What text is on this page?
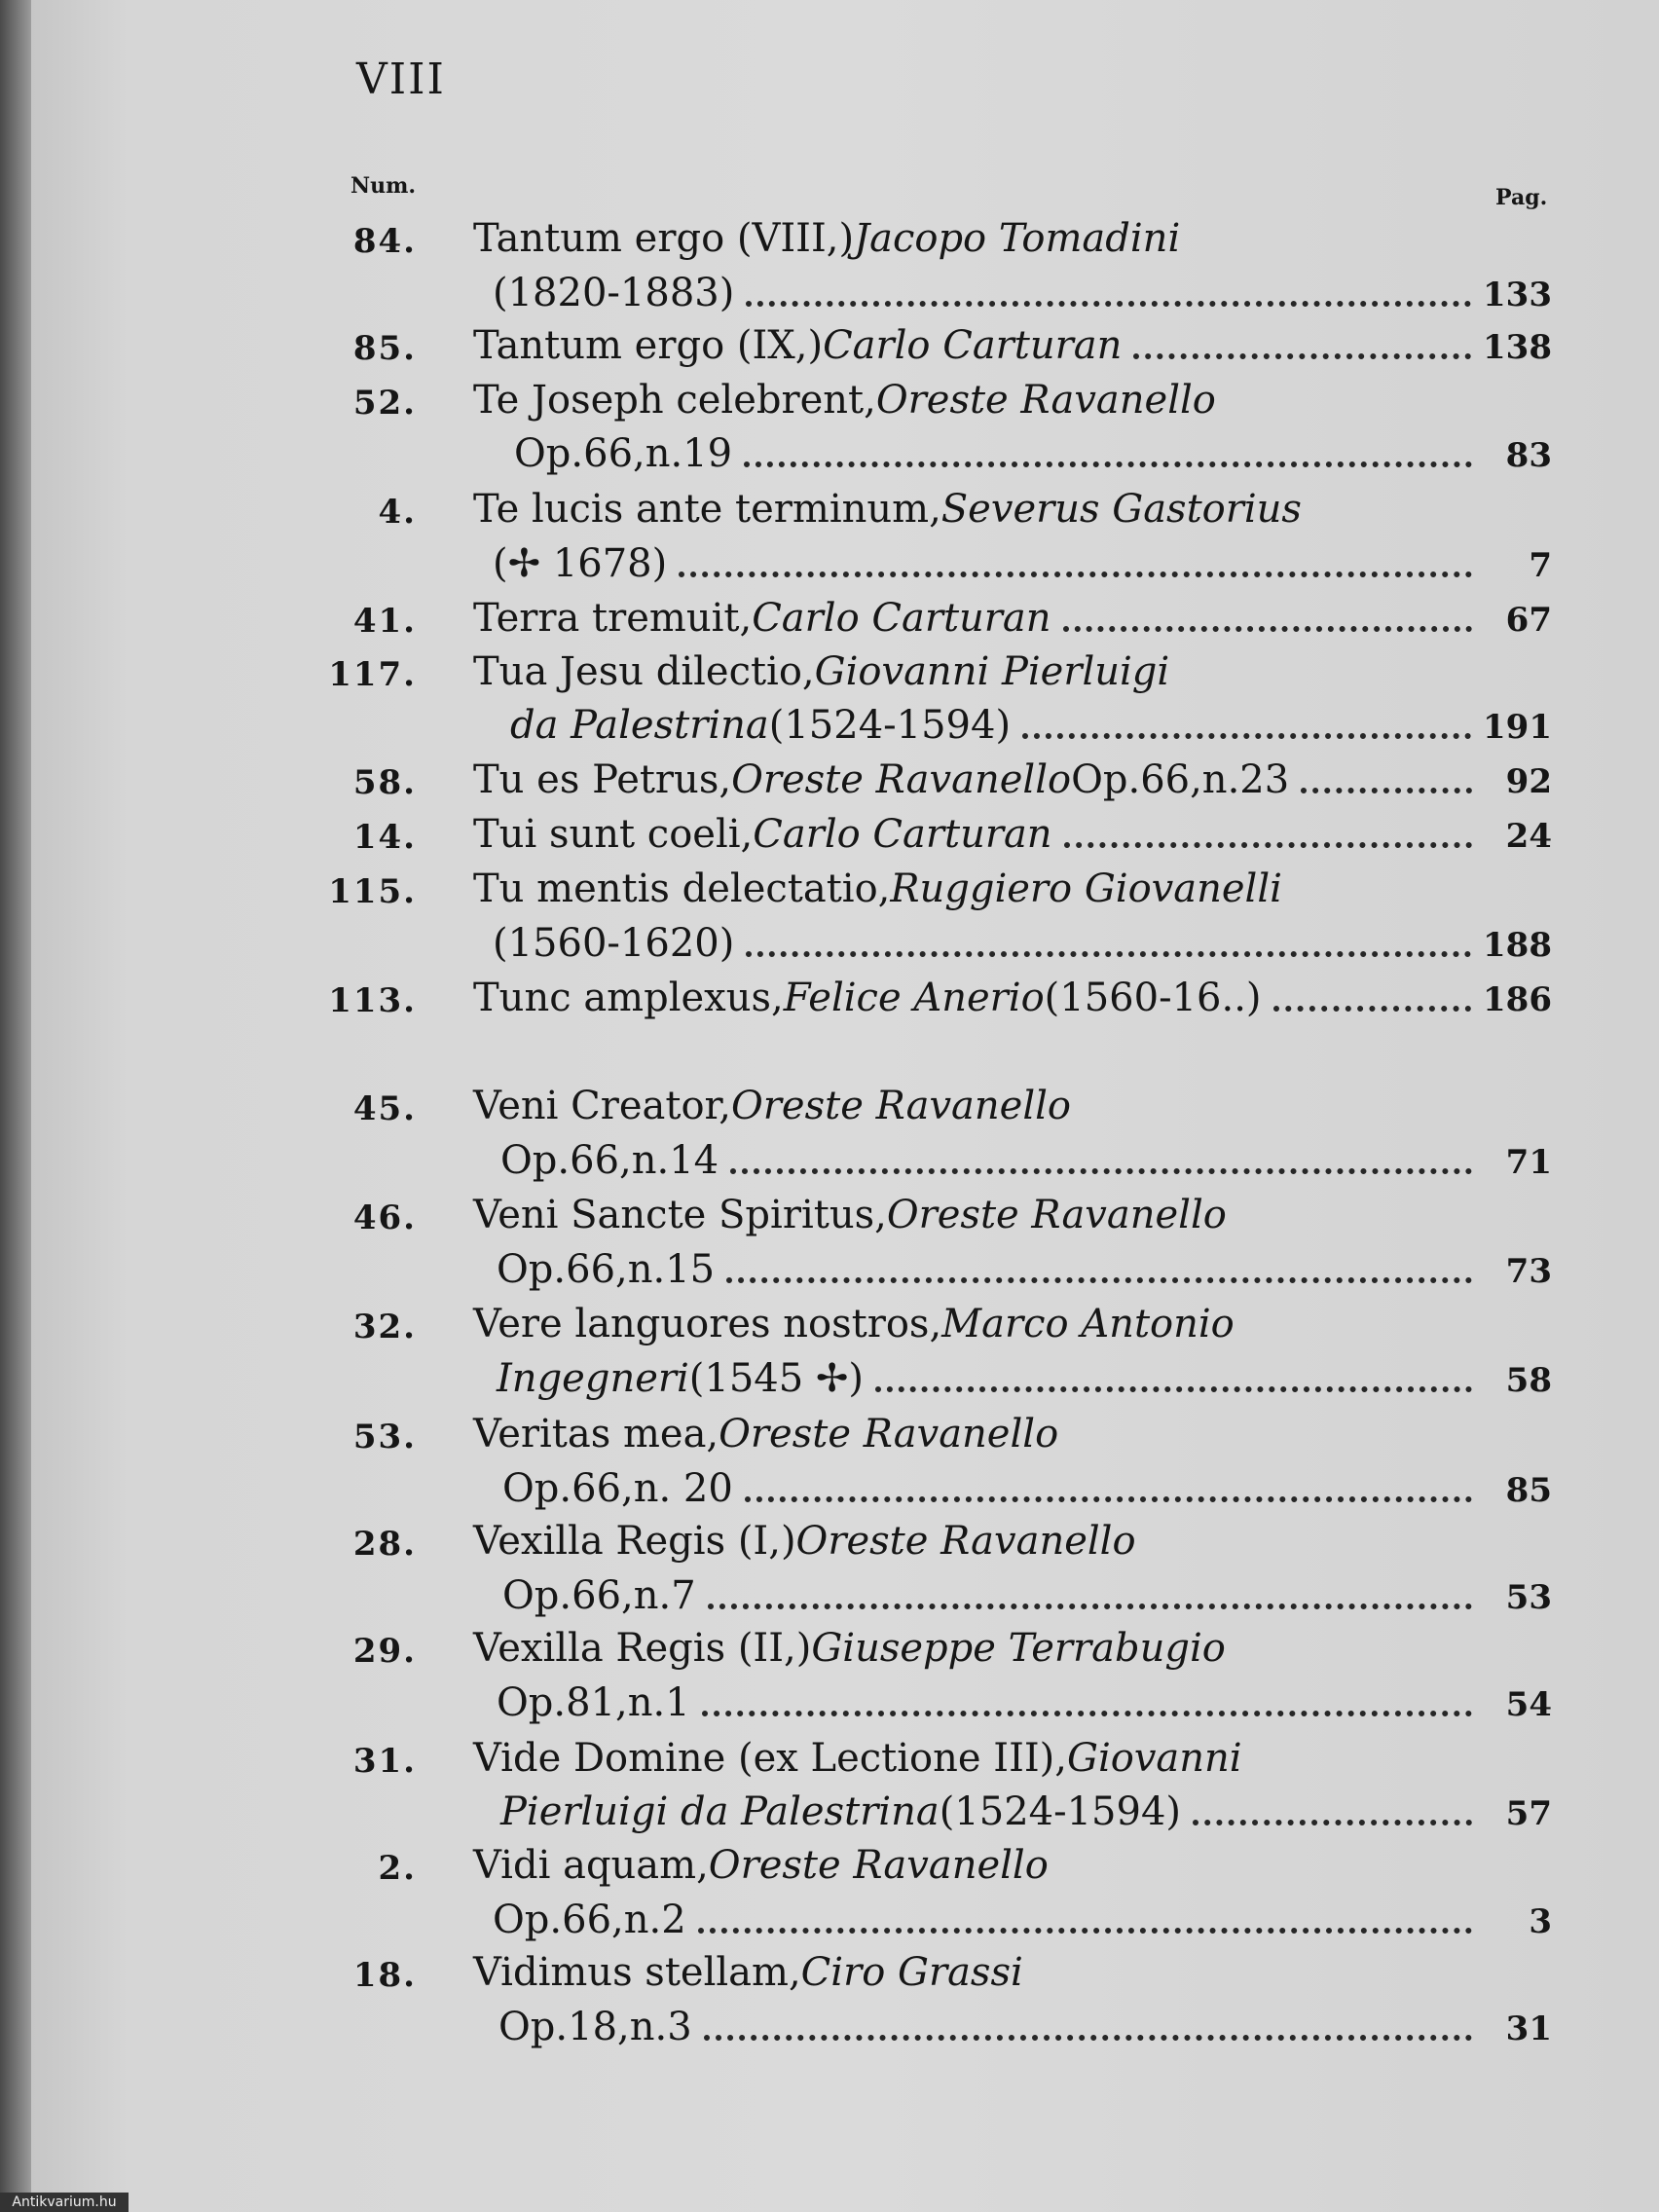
VIII
Num.	Pag.
84. Tantum ergo (VIII,) Jacopo Tomadini
(1820-1883)	133
85. Tantum ergo (IX,) Carlo Carturan	138
52. Te Joseph celebrent, Oreste Ravanello
Op.66,n.19	83
4. Te lucis ante terminum, Severus Gastorius
(✢ 1678)	7
41. Terra tremuit, Carlo Carturan	67
117. Tua Jesu dilectio, Giovanni Pierluigi
da Palestrina (1524-1594)	191
58. Tu es Petrus, Oreste Ravanello Op.66,n.23	92
14. Tui sunt coeli, Carlo Carturan	24
115. Tu mentis delectatio, Ruggiero Giovanelli
(1560-1620)	188
113. Tunc amplexus, Felice Anerio (1560-16..)	186
45. Veni Creator, Oreste Ravanello
Op.66,n.14	71
46. Veni Sancte Spiritus, Oreste Ravanello
Op.66,n.15	73
32. Vere languores nostros, Marco Antonio
Ingegneri (1545 ✢)	58
53. Veritas mea, Oreste Ravanello
Op.66,n. 20	85
28. Vexilla Regis (I,) Oreste Ravanello
Op.66,n.7	53
29. Vexilla Regis (II,) Giuseppe Terrabugio
Op.81,n.1	54
31. Vide Domine (ex Lectione III), Giovanni
Pierluigi da Palestrina (1524-1594)	57
2. Vidi aquam, Oreste Ravanello
Op.66,n.2	3
18. Vidimus stellam, Ciro Grassi
Op.18,n.3	31
Antikvarium.hu
